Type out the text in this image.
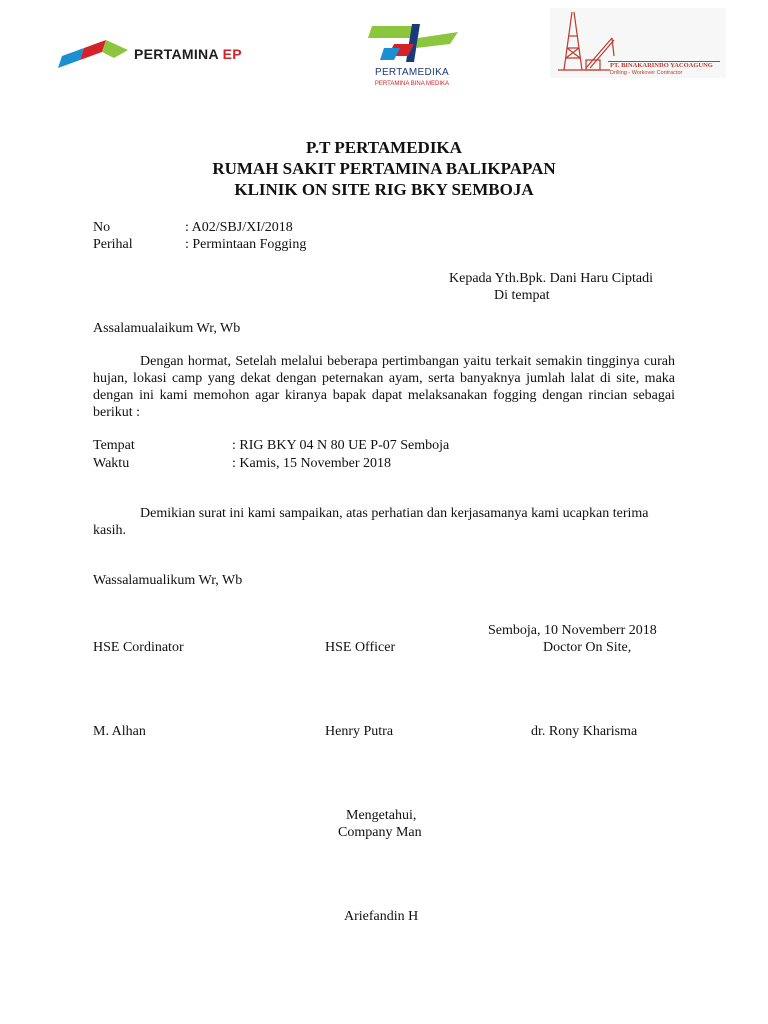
PERTAMINA EP
PERTAMEDIKA
PERTAMINA BINA MEDIKA
PT. BINAKARINDO YACOAGUNG
Drilling - Workover Contractor
P.T PERTAMEDIKA
RUMAH SAKIT PERTAMINA BALIKPAPAN
KLINIK ON SITE RIG BKY SEMBOJA
No	: A02/SBJ/XI/2018
Perihal	: Permintaan Fogging
Kepada Yth.Bpk. Dani Haru Ciptadi
Di tempat
Assalamualaikum Wr, Wb
Dengan hormat, Setelah melalui beberapa pertimbangan yaitu terkait semakin tingginya curah hujan, lokasi camp yang dekat dengan peternakan ayam, serta banyaknya jumlah lalat di site, maka dengan ini kami memohon agar kiranya bapak dapat melaksanakan fogging dengan rincian sebagai berikut :
Tempat	: RIG BKY 04 N 80 UE P-07 Semboja
Waktu	: Kamis, 15 November 2018
Demikian surat ini kami sampaikan, atas perhatian dan kerjasamanya kami ucapkan terima kasih.
Wassalamualikum Wr, Wb
Semboja, 10 Novemberr 2018
HSE Cordinator	HSE Officer	Doctor On Site,
M. Alhan	Henry Putra	dr. Rony Kharisma
Mengetahui,
Company Man
Ariefandin H
